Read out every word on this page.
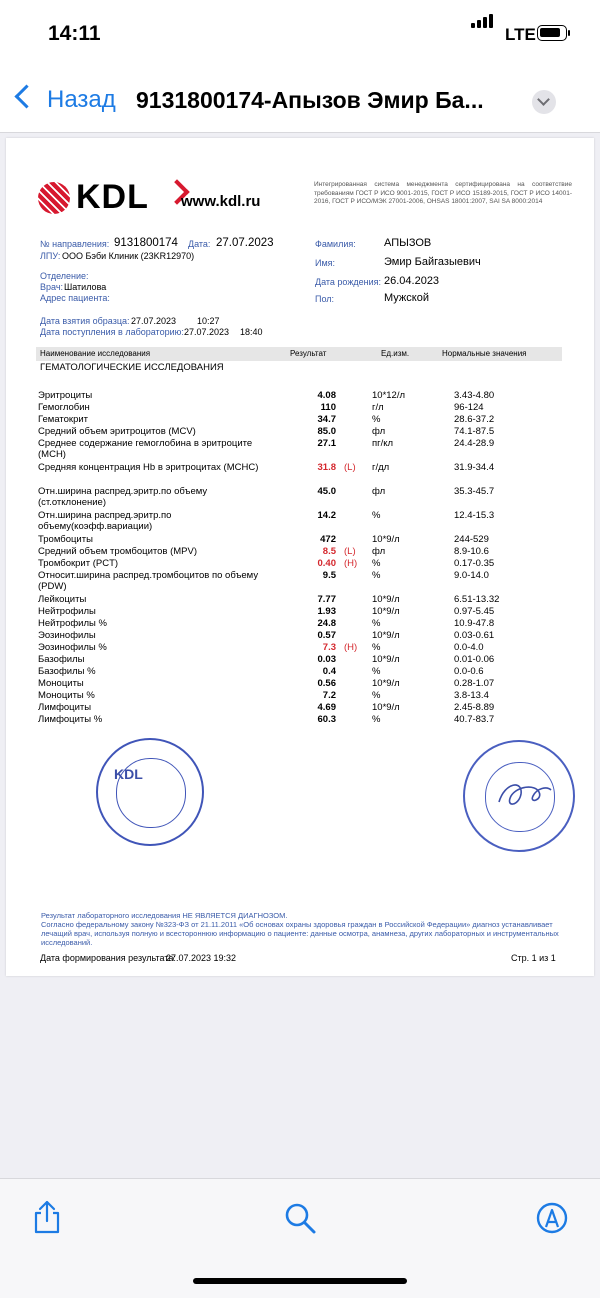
14:11	LTE
Назад 9131800174-Апызов Эмир Ба...
KDL www.kdl.ru
Интегрированная система менеджмента сертифицирована на соответствие требованиям ГОСТ Р ИСО 9001-2015, ГОСТ Р ИСО 15189-2015, ГОСТ Р ИСО 14001-2016, ГОСТ Р ИСО/МЭК 27001-2006, OHSAS 18001:2007, SAI SA 8000:2014
№ направления: 9131800174 Дата: 27.07.2023
ЛПУ: ООО Бэби Клиник (23KR12970)
Отделение:
Врач: Шатилова
Адрес пациента:
Фамилия:	АПЫЗОВ
Имя:	Эмир Байгазыевич
Дата рождения: 26.04.2023
Пол:	Мужской
Дата взятия образца: 27.07.2023 10:27
Дата поступления в лабораторию: 27.07.2023 18:40
Наименование исследования	Результат	Ед.изм.	Нормальные значения
ГЕМАТОЛОГИЧЕСКИЕ ИССЛЕДОВАНИЯ
Эритроциты	4.08	10*12/л	3.43-4.80
Гемоглобин	110	г/л	96-124
Гематокрит	34.7	%	28.6-37.2
Средний объем эритроцитов (MCV)	85.0	фл	74.1-87.5
Среднее содержание гемоглобина в эритроците (MCH)
27.1	пг/кл	24.4-28.9
Средняя концентрация Hb в эритроцитах (MCHC)	31.8 (L)	г/дл	31.9-34.4
Отн.ширина распред.эритр.по объему (ст.отклонение)
45.0	фл	35.3-45.7
Отн.ширина распред.эритр.по объему(коэфф.вариации)
14.2	%	12.4-15.3
Тромбоциты	472	10*9/л	244-529
Средний объем тромбоцитов (MPV)	8.5 (L)	фл	8.9-10.6
Тромбокрит (PCT)	0.40 (H)	%	0.17-0.35
Относит.ширина распред.тромбоцитов по объему (PDW)
9.5	%	9.0-14.0
Лейкоциты	7.77	10*9/л	6.51-13.32
Нейтрофилы	1.93	10*9/л	0.97-5.45
Нейтрофилы %	24.8	%	10.9-47.8
Эозинофилы	0.57	10*9/л	0.03-0.61
Эозинофилы %	7.3 (H)	%	0.0-4.0
Базофилы	0.03	10*9/л	0.01-0.06
Базофилы %	0.4	%	0.0-0.6
Моноциты	0.56	10*9/л	0.28-1.07
Моноциты %	7.2	%	3.8-13.4
Лимфоциты	4.69	10*9/л	2.45-8.89
Лимфоциты %	60.3	%	40.7-83.7
KDL
Результат лабораторного исследования НЕ ЯВЛЯЕТСЯ ДИАГНОЗОМ.
Согласно федеральному закону №323-ФЗ от 21.11.2011 «Об основах охраны здоровья граждан в Российской Федерации» диагноз устанавливает лечащий врач, используя полную и всестороннюю информацию о пациенте: данные осмотра, анамнеза, других лабораторных и инструментальных исследований.
Дата формирования результата:
27.07.2023 19:32	Стр. 1 из 1
